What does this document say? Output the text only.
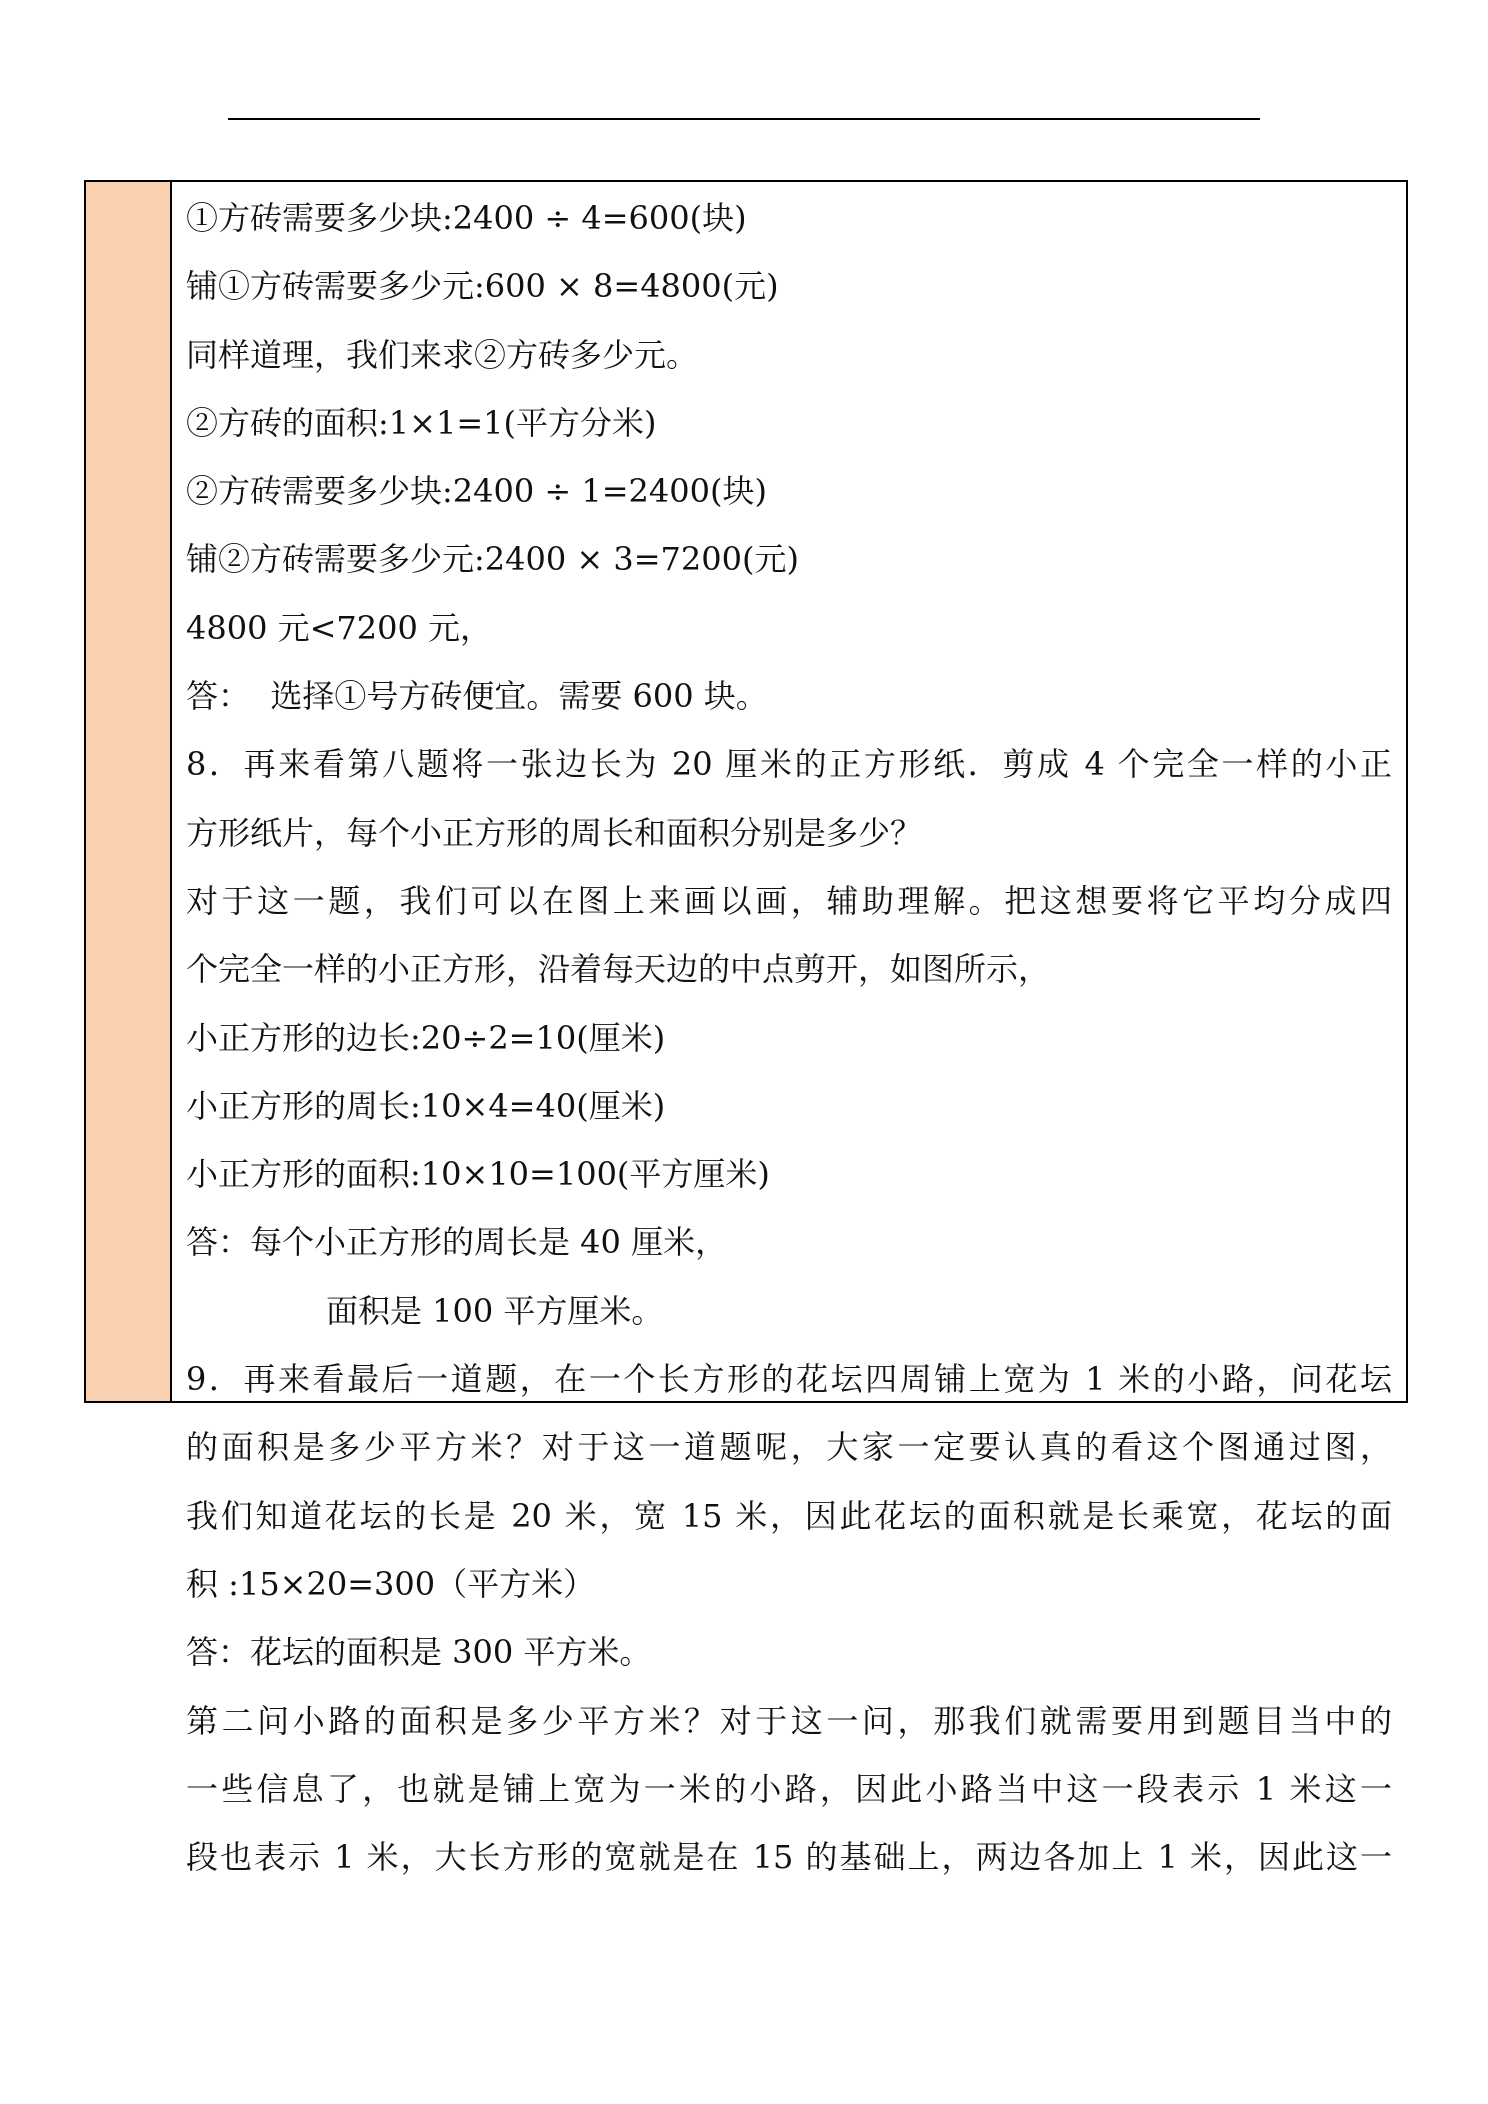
①方砖需要多少块:2400 ÷ 4=600(块)
铺①方砖需要多少元:600 × 8=4800(元)
同样道理，我们来求②方砖多少元。
②方砖的面积:1×1=1(平方分米)
②方砖需要多少块:2400 ÷ 1=2400(块)
铺②方砖需要多少元:2400 × 3=7200(元)
4800 元<7200 元，
答：  选择①号方砖便宜。需要 600 块。
8．再来看第八题将一张边长为 20 厘米的正方形纸．剪成 4 个完全一样的小正
方形纸片，每个小正方形的周长和面积分别是多少？
对于这一题，我们可以在图上来画以画，辅助理解。把这想要将它平均分成四
个完全一样的小正方形，沿着每天边的中点剪开，如图所示，
小正方形的边长:20÷2=10(厘米)
小正方形的周长:10×4=40(厘米)
小正方形的面积:10×10=100(平方厘米)
答：每个小正方形的周长是 40 厘米，
面积是 100 平方厘米。
9．再来看最后一道题，在一个长方形的花坛四周铺上宽为 1 米的小路，问花坛
的面积是多少平方米？对于这一道题呢，大家一定要认真的看这个图通过图，
我们知道花坛的长是 20 米，宽 15 米，因此花坛的面积就是长乘宽，花坛的面
积 :15×20=300（平方米）
答：花坛的面积是 300 平方米。
第二问小路的面积是多少平方米？对于这一问，那我们就需要用到题目当中的
一些信息了，也就是铺上宽为一米的小路，因此小路当中这一段表示 1 米这一
段也表示 1 米，大长方形的宽就是在 15 的基础上，两边各加上 1 米，因此这一
